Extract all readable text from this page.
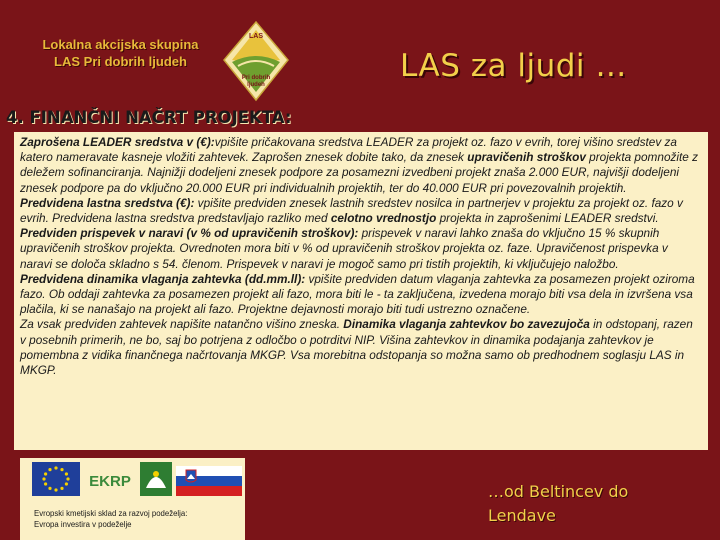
Lokalna akcijska skupina
LAS Pri dobrih ljudeh
LAS
Pri dobrih
ljudeh
LAS za ljudi …
4. FINANČNI NAČRT PROJEKTA:

Zaprošena LEADER sredstva v (€):vpišite pričakovana sredstva LEADER za projekt oz. fazo v evrih, torej višino sredstev za katero nameravate kasneje vložiti zahtevek. Zaprošen znesek dobite tako, da znesek upravičenih stroškov projekta pomnožite z deležem sofinanciranja. Najnižji dodeljeni znesek podpore za posamezni izvedbeni projekt znaša 2.000 EUR, najvišji dodeljeni znesek podpore pa do vključno 20.000 EUR pri individualnih projektih, ter do 40.000 EUR pri povezovalnih projektih.

Predvidena lastna sredstva (€): vpišite predviden znesek lastnih sredstev nosilca in partnerjev v projektu za projekt oz. fazo v evrih. Predvidena lastna sredstva predstavljajo razliko med celotno vrednostjo projekta in zaprošenimi LEADER sredstvi.

Predviden prispevek v naravi (v % od upravičenih stroškov): prispevek v naravi lahko znaša do vključno 15 % skupnih upravičenih stroškov projekta. Ovrednoten mora biti v % od upravičenih stroškov projekta oz. faze. Upravičenost prispevka v naravi se določa skladno s 54. členom. Prispevek v naravi je mogoč samo pri tistih projektih, ki vključujejo naložbo.

Predvidena dinamika vlaganja zahtevka (dd.mm.ll): vpišite predviden datum vlaganja zahtevka za posamezen projekt oziroma fazo. Ob oddaji zahtevka za posamezen projekt ali fazo, mora biti le - ta zaključena, izvedena morajo biti vsa dela in izvršena vsa plačila, ki se nanašajo na projekt ali fazo. Projektne dejavnosti morajo biti tudi ustrezno označene.

Za vsak predviden zahtevek napišite natančno višino zneska. Dinamika vlaganja zahtevkov bo zavezujoča in odstopanj, razen v posebnih primerih, ne bo, saj bo potrjena z odločbo o potrditvi NIP. Višina zahtevkov in dinamika podajanja zahtevkov je pomembna z vidika finančnega načrtovanja MKGP. Vsa morebitna odstopanja so možna samo ob predhodnem soglasju LAS in MKGP.

EKRP
Evropski kmetijski sklad za razvoj podeželja:
Evropa investira v podeželje
…od Beltincev do
Lendave
